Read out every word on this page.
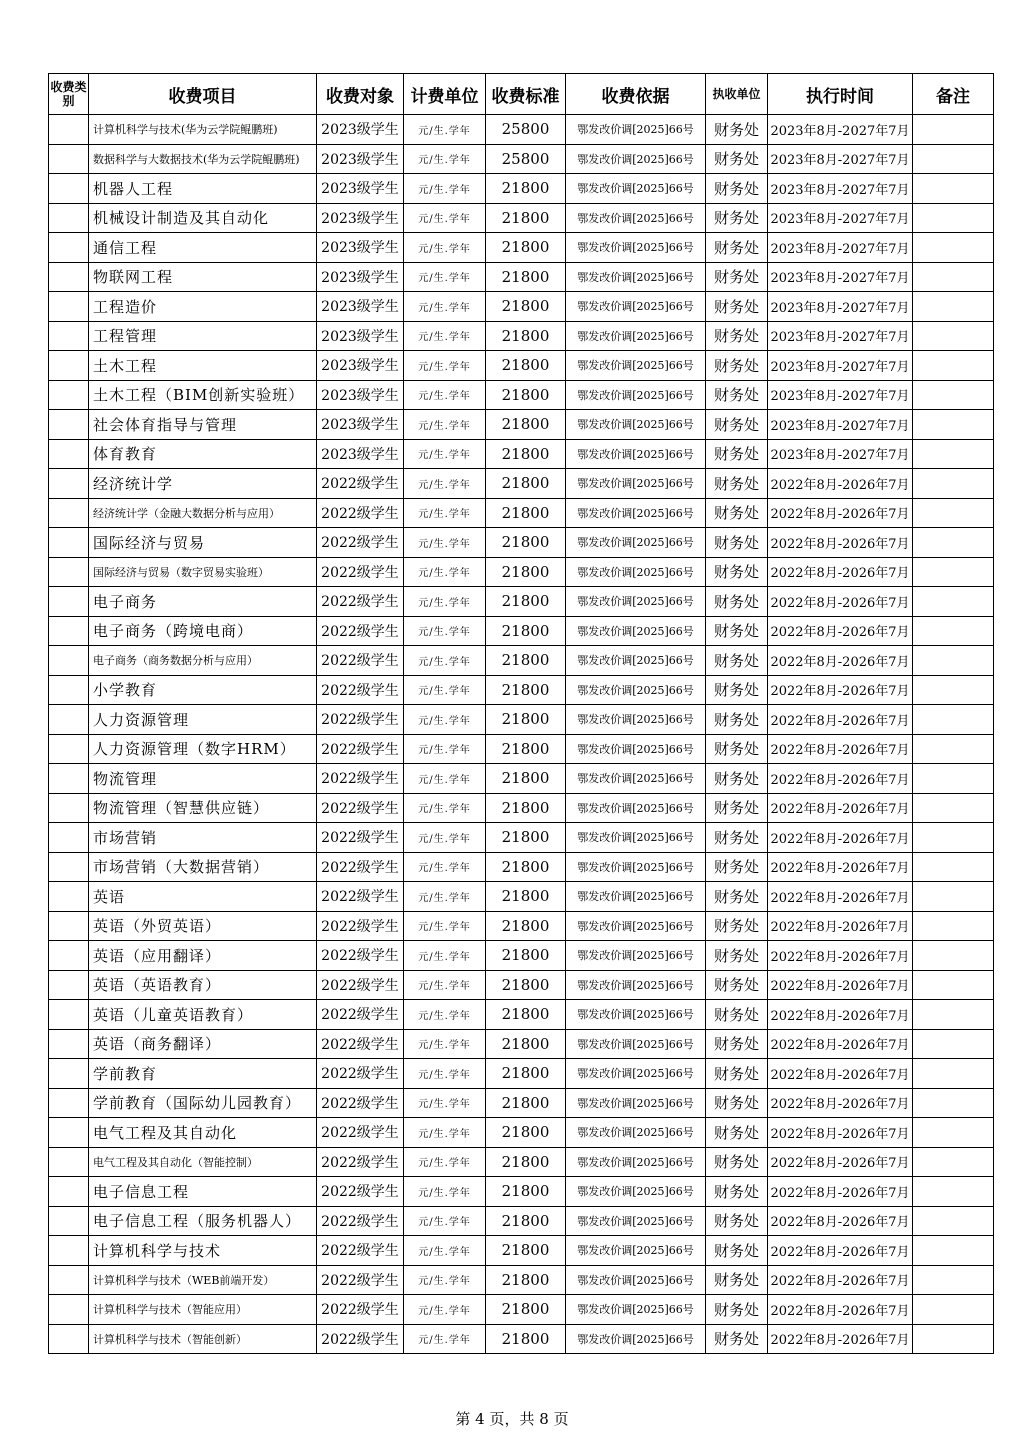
收费类别	收费项目	收费对象	计费单位	收费标准	收费依据	执收单位	执行时间	备注
	计算机科学与技术(华为云学院鲲鹏班)	2023级学生	元/生.学年	25800	鄂发改价调[2025]66号	财务处	2023年8月-2027年7月	
	数据科学与大数据技术(华为云学院鲲鹏班)	2023级学生	元/生.学年	25800	鄂发改价调[2025]66号	财务处	2023年8月-2027年7月	
	机器人工程	2023级学生	元/生.学年	21800	鄂发改价调[2025]66号	财务处	2023年8月-2027年7月	
	机械设计制造及其自动化	2023级学生	元/生.学年	21800	鄂发改价调[2025]66号	财务处	2023年8月-2027年7月	
	通信工程	2023级学生	元/生.学年	21800	鄂发改价调[2025]66号	财务处	2023年8月-2027年7月	
	物联网工程	2023级学生	元/生.学年	21800	鄂发改价调[2025]66号	财务处	2023年8月-2027年7月	
	工程造价	2023级学生	元/生.学年	21800	鄂发改价调[2025]66号	财务处	2023年8月-2027年7月	
	工程管理	2023级学生	元/生.学年	21800	鄂发改价调[2025]66号	财务处	2023年8月-2027年7月	
	土木工程	2023级学生	元/生.学年	21800	鄂发改价调[2025]66号	财务处	2023年8月-2027年7月	
	土木工程（BIM创新实验班）	2023级学生	元/生.学年	21800	鄂发改价调[2025]66号	财务处	2023年8月-2027年7月	
	社会体育指导与管理	2023级学生	元/生.学年	21800	鄂发改价调[2025]66号	财务处	2023年8月-2027年7月	
	体育教育	2023级学生	元/生.学年	21800	鄂发改价调[2025]66号	财务处	2023年8月-2027年7月	
	经济统计学	2022级学生	元/生.学年	21800	鄂发改价调[2025]66号	财务处	2022年8月-2026年7月	
	经济统计学（金融大数据分析与应用）	2022级学生	元/生.学年	21800	鄂发改价调[2025]66号	财务处	2022年8月-2026年7月	
	国际经济与贸易	2022级学生	元/生.学年	21800	鄂发改价调[2025]66号	财务处	2022年8月-2026年7月	
	国际经济与贸易（数字贸易实验班）	2022级学生	元/生.学年	21800	鄂发改价调[2025]66号	财务处	2022年8月-2026年7月	
	电子商务	2022级学生	元/生.学年	21800	鄂发改价调[2025]66号	财务处	2022年8月-2026年7月	
	电子商务（跨境电商）	2022级学生	元/生.学年	21800	鄂发改价调[2025]66号	财务处	2022年8月-2026年7月	
	电子商务（商务数据分析与应用）	2022级学生	元/生.学年	21800	鄂发改价调[2025]66号	财务处	2022年8月-2026年7月	
	小学教育	2022级学生	元/生.学年	21800	鄂发改价调[2025]66号	财务处	2022年8月-2026年7月	
	人力资源管理	2022级学生	元/生.学年	21800	鄂发改价调[2025]66号	财务处	2022年8月-2026年7月	
	人力资源管理（数字HRM）	2022级学生	元/生.学年	21800	鄂发改价调[2025]66号	财务处	2022年8月-2026年7月	
	物流管理	2022级学生	元/生.学年	21800	鄂发改价调[2025]66号	财务处	2022年8月-2026年7月	
	物流管理（智慧供应链）	2022级学生	元/生.学年	21800	鄂发改价调[2025]66号	财务处	2022年8月-2026年7月	
	市场营销	2022级学生	元/生.学年	21800	鄂发改价调[2025]66号	财务处	2022年8月-2026年7月	
	市场营销（大数据营销）	2022级学生	元/生.学年	21800	鄂发改价调[2025]66号	财务处	2022年8月-2026年7月	
	英语	2022级学生	元/生.学年	21800	鄂发改价调[2025]66号	财务处	2022年8月-2026年7月	
	英语（外贸英语）	2022级学生	元/生.学年	21800	鄂发改价调[2025]66号	财务处	2022年8月-2026年7月	
	英语（应用翻译）	2022级学生	元/生.学年	21800	鄂发改价调[2025]66号	财务处	2022年8月-2026年7月	
	英语（英语教育）	2022级学生	元/生.学年	21800	鄂发改价调[2025]66号	财务处	2022年8月-2026年7月	
	英语（儿童英语教育）	2022级学生	元/生.学年	21800	鄂发改价调[2025]66号	财务处	2022年8月-2026年7月	
	英语（商务翻译）	2022级学生	元/生.学年	21800	鄂发改价调[2025]66号	财务处	2022年8月-2026年7月	
	学前教育	2022级学生	元/生.学年	21800	鄂发改价调[2025]66号	财务处	2022年8月-2026年7月	
	学前教育（国际幼儿园教育）	2022级学生	元/生.学年	21800	鄂发改价调[2025]66号	财务处	2022年8月-2026年7月	
	电气工程及其自动化	2022级学生	元/生.学年	21800	鄂发改价调[2025]66号	财务处	2022年8月-2026年7月	
	电气工程及其自动化（智能控制）	2022级学生	元/生.学年	21800	鄂发改价调[2025]66号	财务处	2022年8月-2026年7月	
	电子信息工程	2022级学生	元/生.学年	21800	鄂发改价调[2025]66号	财务处	2022年8月-2026年7月	
	电子信息工程（服务机器人）	2022级学生	元/生.学年	21800	鄂发改价调[2025]66号	财务处	2022年8月-2026年7月	
	计算机科学与技术	2022级学生	元/生.学年	21800	鄂发改价调[2025]66号	财务处	2022年8月-2026年7月	
	计算机科学与技术（WEB前端开发）	2022级学生	元/生.学年	21800	鄂发改价调[2025]66号	财务处	2022年8月-2026年7月	
	计算机科学与技术（智能应用）	2022级学生	元/生.学年	21800	鄂发改价调[2025]66号	财务处	2022年8月-2026年7月	
	计算机科学与技术（智能创新）	2022级学生	元/生.学年	21800	鄂发改价调[2025]66号	财务处	2022年8月-2026年7月	
第 4 页，共 8 页
